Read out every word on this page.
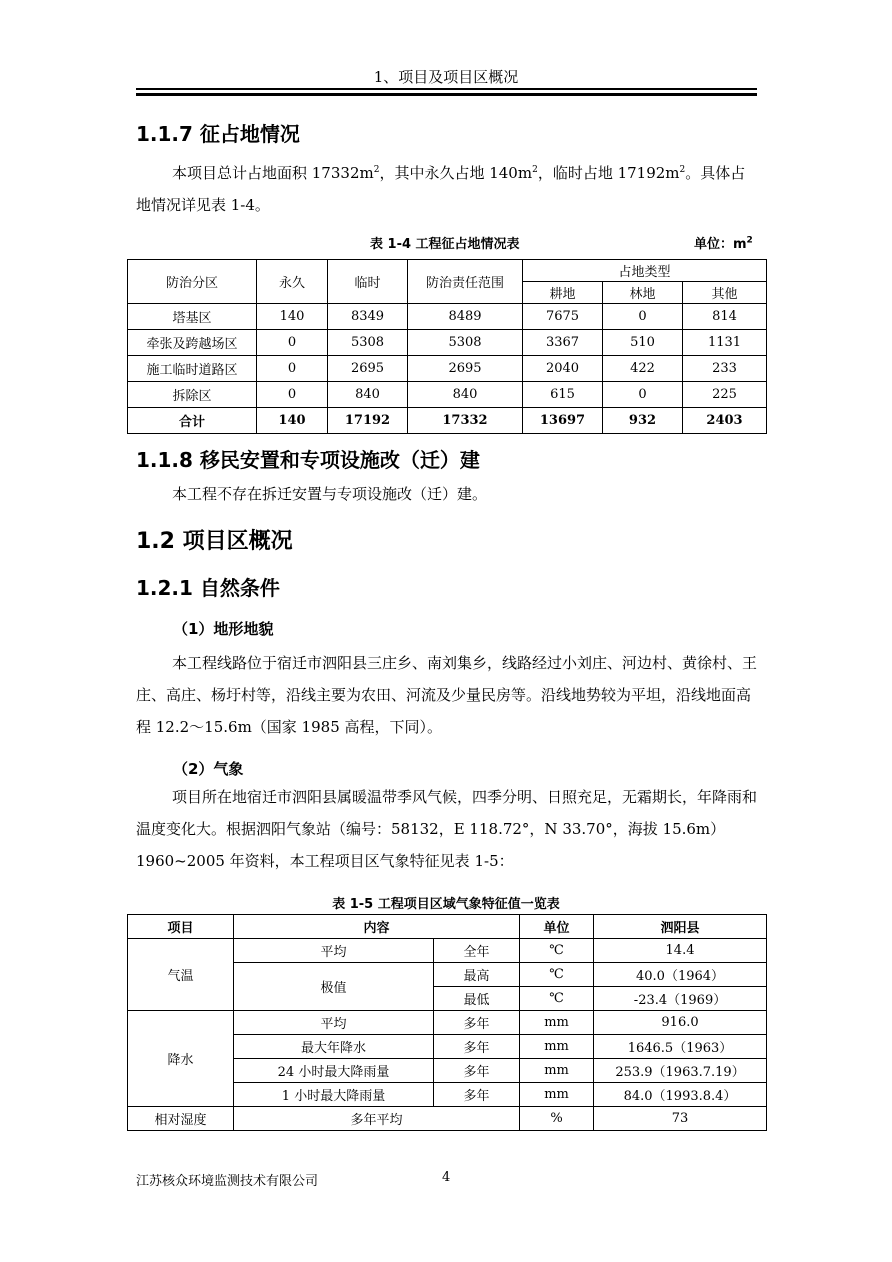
1、项目及项目区概况
1.1.7 征占地情况
本项目总计占地面积 $17332m^2$，其中永久占地 $140m^2$，临时占地 $17192m^2$。具体占地情况详见表 1-4。
表 1-4 工程征占地情况表	单位：$m^2$
防治分区	永久	临时	防治责任范围	占地类型		
				耕地	林地	其他
塔基区	140	8349	8489	7675	0	814
牵张及跨越场区	0	5308	5308	3367	510	1131
施工临时道路区	0	2695	2695	2040	422	233
拆除区	0	840	840	615	0	225
合计	140	17192	17332	13697	932	2403
1.1.8 移民安置和专项设施改（迁）建
本工程不存在拆迁安置与专项设施改（迁）建。
1.2 项目区概况
1.2.1 自然条件
（1）地形地貌
本工程线路位于宿迁市泗阳县三庄乡、南刘集乡，线路经过小刘庄、河边村、黄徐村、王庄、高庄、杨圩村等，沿线主要为农田、河流及少量民房等。沿线地势较为平坦，沿线地面高程 12.2～15.6m（国家 1985 高程，下同）。
（2）气象
项目所在地宿迁市泗阳县属暖温带季风气候，四季分明、日照充足，无霜期长，年降雨和温度变化大。根据泗阳气象站（编号：58132，E 118.72°，N 33.70°，海拔 15.6m）1960~2005 年资料，本工程项目区气象特征见表 1-5：
表 1-5 工程项目区域气象特征值一览表
项目	内容		单位	泗阳县
气温	平均	全年	℃	14.4
	极值	最高	℃	40.0（1964）
		最低	℃	-23.4（1969）
降水	平均	多年	mm	916.0
	最大年降水	多年	mm	1646.5（1963）
	24 小时最大降雨量	多年	mm	253.9（1963.7.19）
	1 小时最大降雨量	多年	mm	84.0（1993.8.4）
相对湿度	多年平均		%	73
江苏核众环境监测技术有限公司	4
